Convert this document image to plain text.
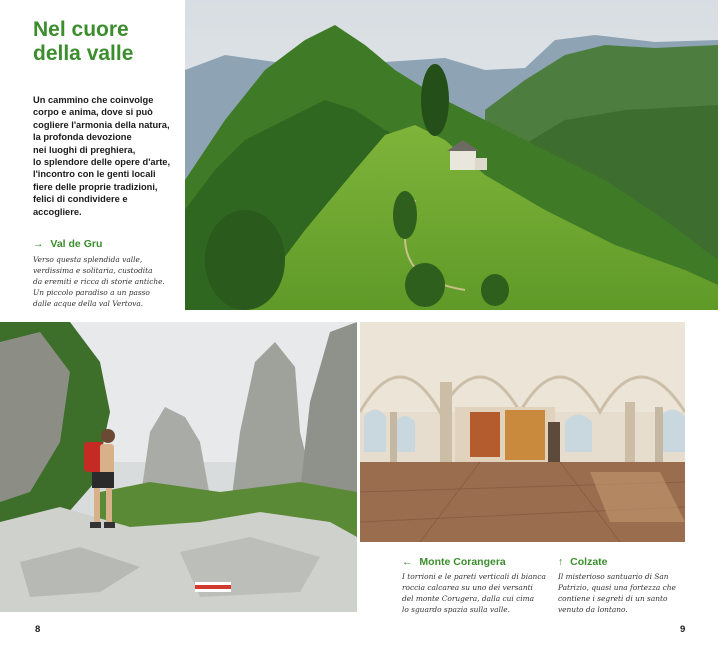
Nel cuore
della valle
Un cammino che coinvolge
corpo e anima, dove si può
cogliere l'armonia della natura,
la profonda devozione
nei luoghi di preghiera,
lo splendore delle opere d'arte,
l'incontro con le genti locali
fiere delle proprie tradizioni,
felici di condividere e
accogliere.
→ Val de Gru
Verso questa splendida valle,
verdissima e solitaria, custodita
da eremiti e ricca di storie antiche.
Un piccolo paradiso a un passo
dalle acque della val Vertova.
← Monte Corangera
I torrioni e le pareti verticali di bianca
roccia calcarea su uno dei versanti
del monte Corugera, dalla cui cima
lo sguardo spazia sulla valle.
↑ Colzate
Il misterioso santuario di San
Patrizio, quasi una fortezza che
contiene i segreti di un santo
venuto da lontano.
8	9
